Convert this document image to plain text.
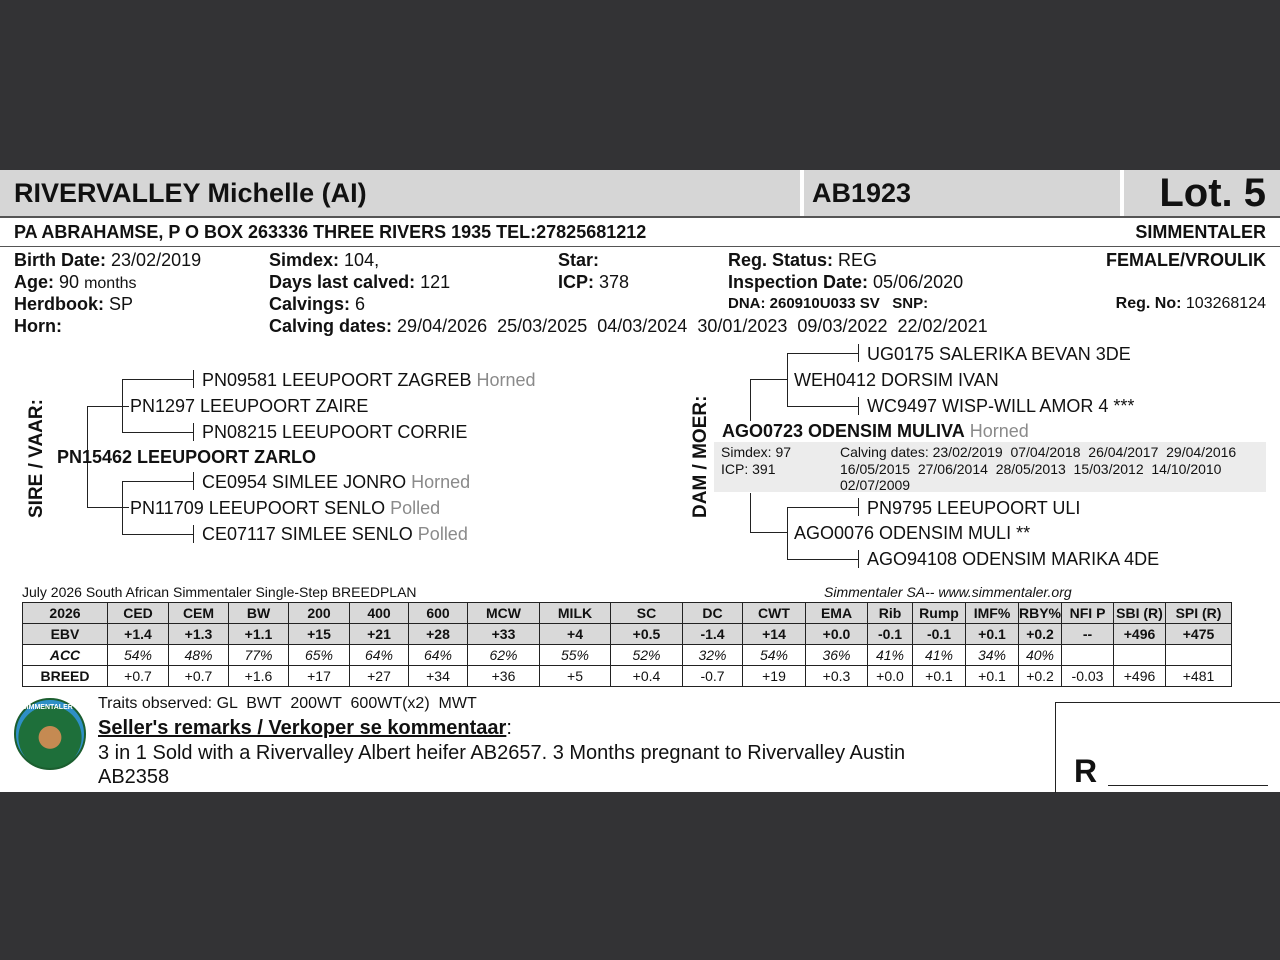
RIVERVALLEY Michelle (AI)	AB1923	Lot. 5
PA ABRAHAMSE, P O BOX 263336 THREE RIVERS 1935 TEL:27825681212	SIMMENTALER
Birth Date: 23/02/2019
Age: 90 months
Herdbook: SP
Horn:
Simdex: 104,
Days last calved: 121
Calvings: 6
Calving dates: 29/04/2026  25/03/2025  04/03/2024  30/01/2023  09/03/2022  22/02/2021
Star:
ICP: 378
Reg. Status: REG
Inspection Date: 05/06/2020
DNA: 260910U033 SV   SNP:
FEMALE/VROULIK
Reg. No: 103268124
SIRE / VAAR:
PN09581 LEEUPOORT ZAGREB Horned
PN1297 LEEUPOORT ZAIRE
PN08215 LEEUPOORT CORRIE
PN15462 LEEUPOORT ZARLO
CE0954 SIMLEE JONRO Horned
PN11709 LEEUPOORT SENLO Polled
CE07117 SIMLEE SENLO Polled
DAM / MOER:
UG0175 SALERIKA BEVAN 3DE
WEH0412 DORSIM IVAN
WC9497 WISP-WILL AMOR 4 ***
AGO0723 ODENSIM MULIVA Horned
Simdex: 97
ICP: 391
Calving dates: 23/02/2019  07/04/2018  26/04/2017  29/04/2016
16/05/2015  27/06/2014  28/05/2013  15/03/2012  14/10/2010
02/07/2009
PN9795 LEEUPOORT ULI
AGO0076 ODENSIM MULI **
AGO94108 ODENSIM MARIKA 4DE
July 2026 South African Simmentaler Single-Step BREEDPLAN	Simmentaler SA-- www.simmentaler.org
2026	CED	CEM	BW	200	400	600	MCW	MILK	SC	DC	CWT	EMA	Rib	Rump	IMF%	RBY%	NFI P	SBI (R)	SPI (R)
EBV	+1.4	+1.3	+1.1	+15	+21	+28	+33	+4	+0.5	-1.4	+14	+0.0	-0.1	-0.1	+0.1	+0.2	--	+496	+475
ACC	54%	48%	77%	65%	64%	64%	62%	55%	52%	32%	54%	36%	41%	41%	34%	40%			
BREED	+0.7	+0.7	+1.6	+17	+27	+34	+36	+5	+0.4	-0.7	+19	+0.3	+0.0	+0.1	+0.1	+0.2	-0.03	+496	+481
SIMMENTALER Traits observed: GL  BWT  200WT  600WT(x2)  MWT
Seller's remarks / Verkoper se kommentaar:
3 in 1 Sold with a Rivervalley Albert heifer AB2657. 3 Months pregnant to Rivervalley Austin
AB2358	R
